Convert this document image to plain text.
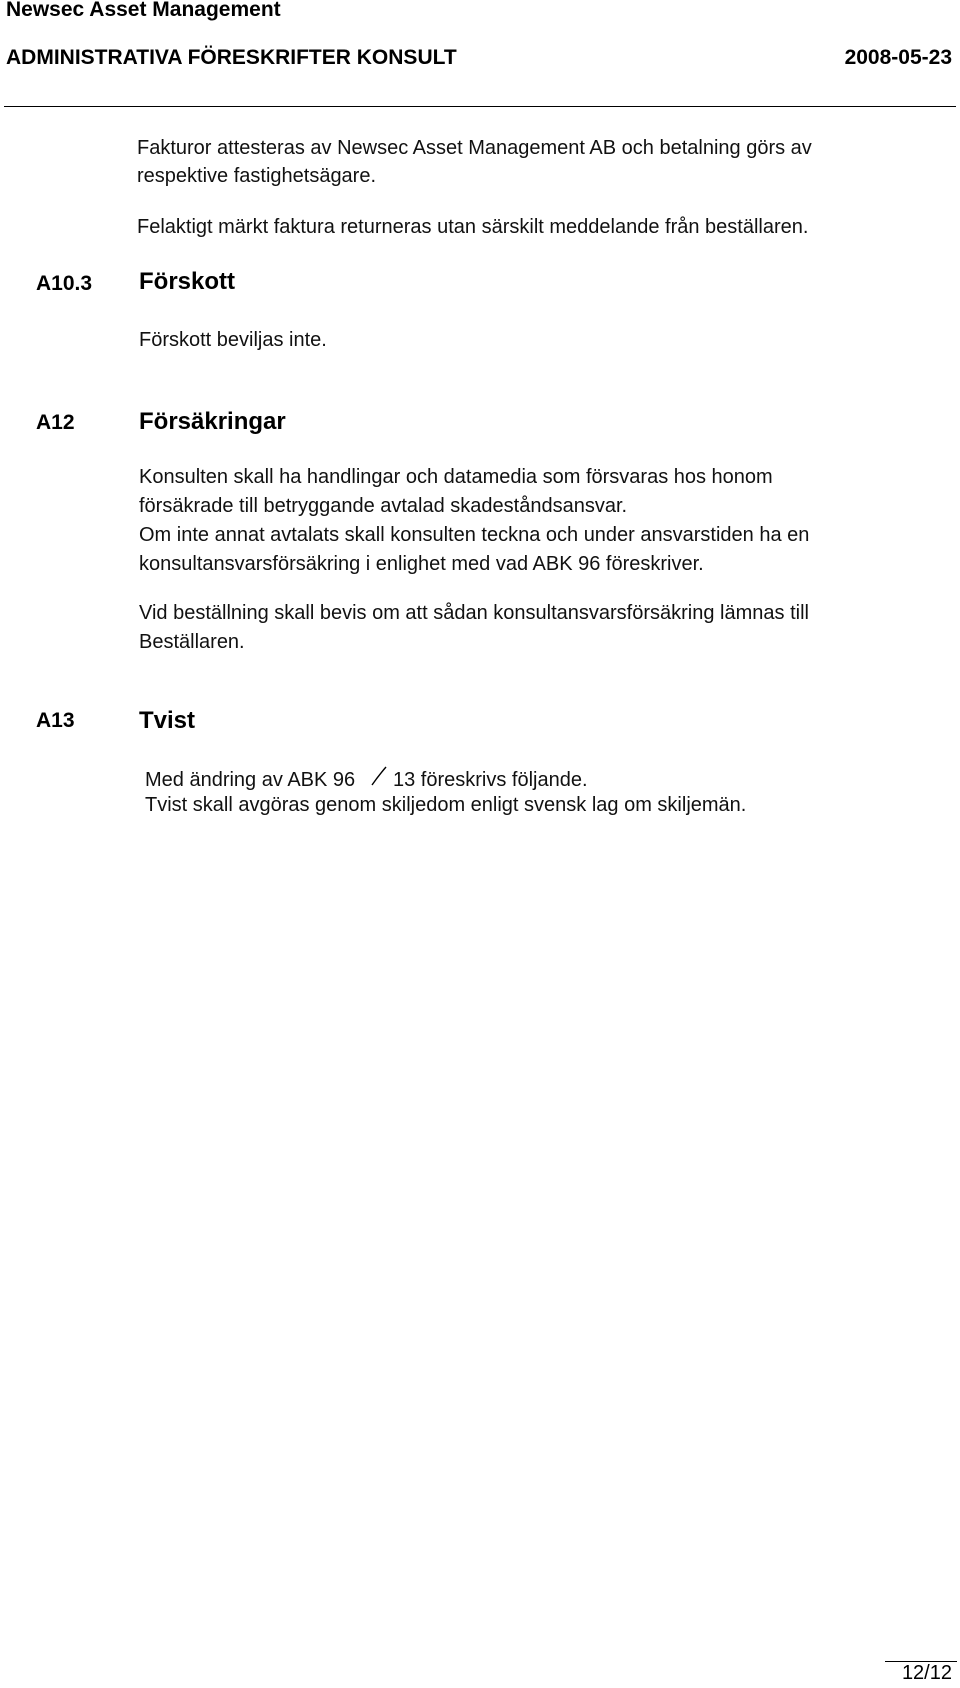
Newsec Asset Management
ADMINISTRATIVA FÖRESKRIFTER KONSULT	2008-05-23
Fakturor attesteras av Newsec Asset Management AB och betalning görs av
respektive fastighetsägare.
Felaktigt märkt faktura returneras utan särskilt meddelande från beställaren.
A10.3 Förskott
Förskott beviljas inte.
A12	Försäkringar
Konsulten skall ha handlingar och datamedia som försvaras hos honom
försäkrade till betryggande avtalad skadeståndsansvar.
Om inte annat avtalats skall konsulten teckna och under ansvarstiden ha en
konsultansvarsförsäkring i enlighet med vad ABK 96 föreskriver.
Vid beställning skall bevis om att sådan konsultansvarsförsäkring lämnas till
Beställaren.
A13	Tvist
Med ändring av ABK 96 13 föreskrivs följande.
Tvist skall avgöras genom skiljedom enligt svensk lag om skiljemän.
12/12
